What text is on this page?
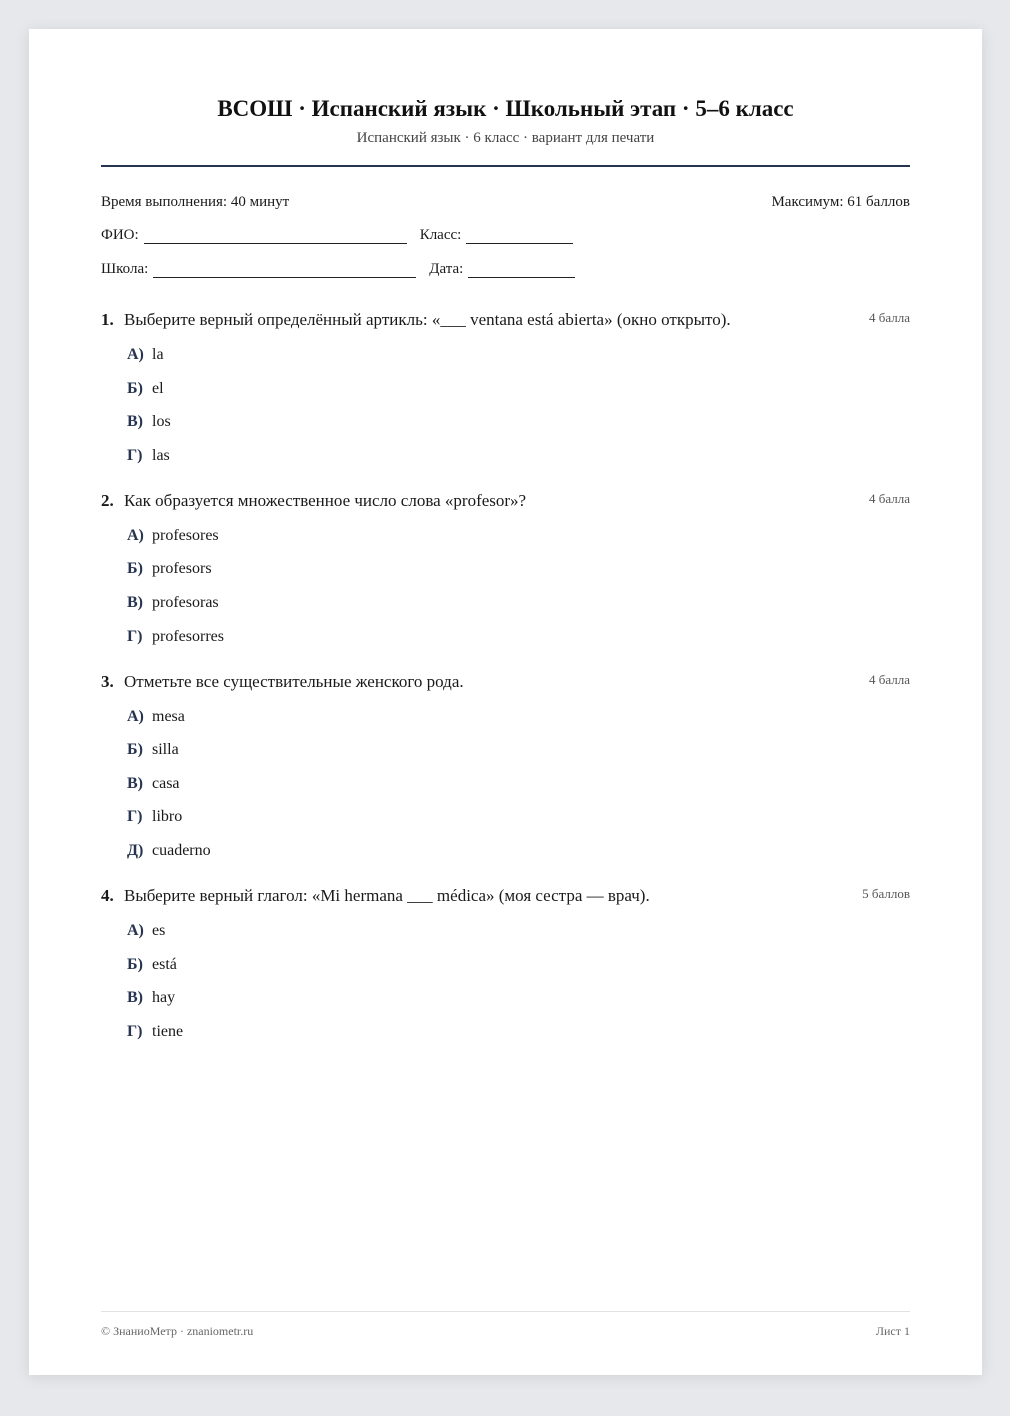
ВСОШ · Испанский язык · Школьный этап · 5–6 класс
Испанский язык · 6 класс · вариант для печати
Время выполнения: 40 минут	Максимум: 61 баллов
ФИО:	Класс:
Школа:	Дата:
1. Выберите верный определённый артикль: «___ ventana está abierta» (окно открыто).	4 балла
А) la
Б) el
В) los
Г) las
2. Как образуется множественное число слова «profesor»?	4 балла
А) profesores
Б) profesors
В) profesoras
Г) profesorres
3. Отметьте все существительные женского рода.	4 балла
А) mesa
Б) silla
В) casa
Г) libro
Д) cuaderno
4. Выберите верный глагол: «Mi hermana ___ médica» (моя сестра — врач).	5 баллов
А) es
Б) está
В) hay
Г) tiene
© ЗнаниоМетр · znaniometr.ru	Лист 1
